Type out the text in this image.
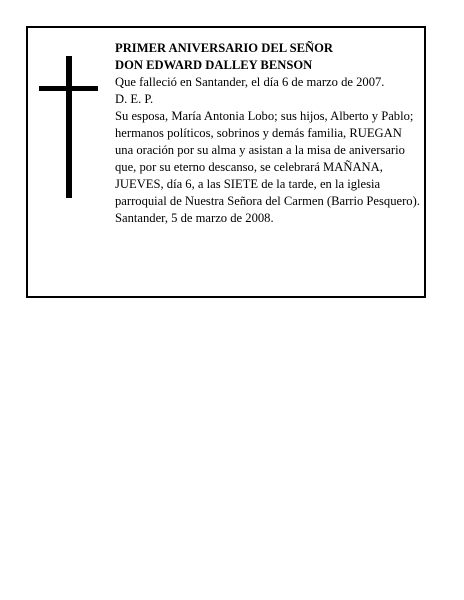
PRIMER ANIVERSARIO DEL SEÑOR

DON EDWARD DALLEY BENSON

Que falleció en Santander, el día 6 de marzo de 2007.

D. E. P.

Su esposa, María Antonia Lobo; sus hijos, Alberto y Pablo; hermanos políticos, sobrinos y demás familia, RUEGAN una oración por su alma y asistan a la misa de aniversario que, por su eterno descanso, se celebrará MAÑANA, JUEVES, día 6, a las SIETE de la tarde, en la iglesia parroquial de Nuestra Señora del Carmen (Barrio Pesquero).

Santander, 5 de marzo de 2008.
